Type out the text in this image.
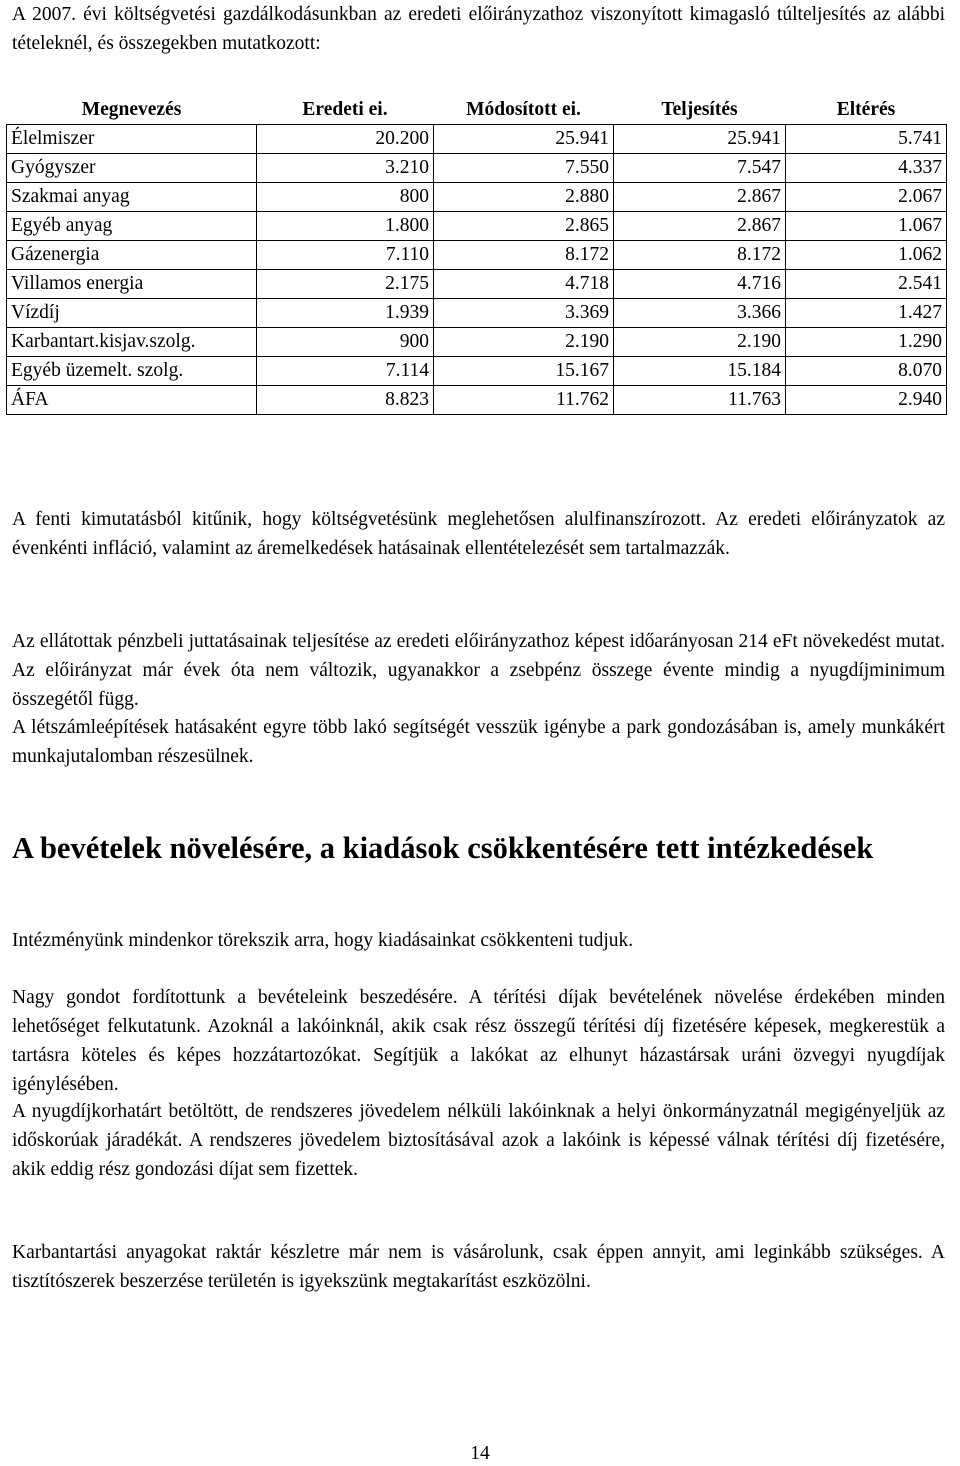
A 2007. évi költségvetési gazdálkodásunkban az eredeti előirányzathoz viszonyított kimagasló túlteljesítés az alábbi tételeknél, és összegekben mutatkozott:

Megnevezés	Eredeti ei.	Módosított ei.	Teljesítés	Eltérés
Élelmiszer	20.200	25.941	25.941	5.741
Gyógyszer	3.210	7.550	7.547	4.337
Szakmai anyag	800	2.880	2.867	2.067
Egyéb anyag	1.800	2.865	2.867	1.067
Gázenergia	7.110	8.172	8.172	1.062
Villamos energia	2.175	4.718	4.716	2.541
Vízdíj	1.939	3.369	3.366	1.427
Karbantart.kisjav.szolg.	900	2.190	2.190	1.290
Egyéb üzemelt. szolg.	7.114	15.167	15.184	8.070
ÁFA	8.823	11.762	11.763	2.940

A fenti kimutatásból kitűnik, hogy költségvetésünk meglehetősen alulfinanszírozott. Az eredeti előirányzatok az évenkénti infláció, valamint az áremelkedések hatásainak ellentételezését sem tartalmazzák.

Az ellátottak pénzbeli juttatásainak teljesítése az eredeti előirányzathoz képest időarányosan 214 eFt növekedést mutat. Az előirányzat már évek óta nem változik, ugyanakkor a zsebpénz összege évente mindig a nyugdíjminimum összegétől függ.

A létszámleépítések hatásaként egyre több lakó segítségét vesszük igénybe a park gondozásában is, amely munkákért munkajutalomban részesülnek.

A bevételek növelésére, a kiadások csökkentésére tett intézkedések

Intézményünk mindenkor törekszik arra, hogy kiadásainkat csökkenteni tudjuk.

Nagy gondot fordítottunk a bevételeink beszedésére. A térítési díjak bevételének növelése érdekében minden lehetőséget felkutatunk. Azoknál a lakóinknál, akik csak rész összegű térítési díj fizetésére képesek, megkerestük a tartásra köteles és képes hozzátartozókat. Segítjük a lakókat az elhunyt házastársak uráni özvegyi nyugdíjak igénylésében.

A nyugdíjkorhatárt betöltött, de rendszeres jövedelem nélküli lakóinknak a helyi önkormányzatnál megigényeljük az időskorúak járadékát. A rendszeres jövedelem biztosításával azok a lakóink is képessé válnak térítési díj fizetésére, akik eddig rész gondozási díjat sem fizettek.

Karbantartási anyagokat raktár készletre már nem is vásárolunk, csak éppen annyit, ami leginkább szükséges. A tisztítószerek beszerzése területén is igyekszünk megtakarítást eszközölni.

14
